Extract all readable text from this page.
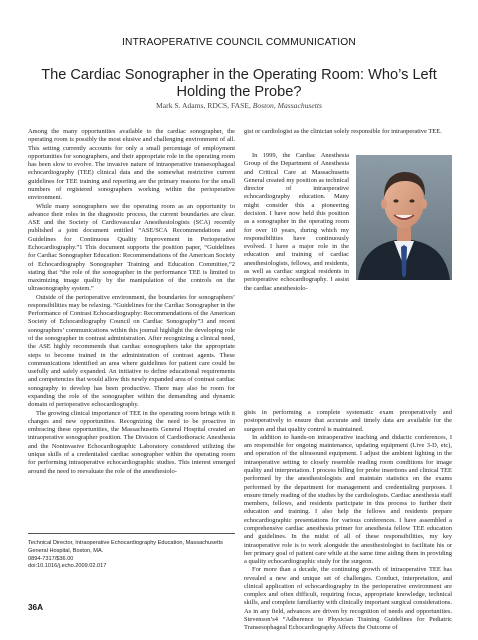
INTRAOPERATIVE COUNCIL COMMUNICATION
The Cardiac Sonographer in the Operating Room: Who’s Left Holding the Probe?
Mark S. Adams, RDCS, FASE, Boston, Massachusetts

Among the many opportunities available to the cardiac sonographer, the operating room is possibly the most elusive and challenging environment of all. This setting currently accounts for only a small percentage of employment opportunities for sonographers, and their appropriate role in the operating room has been slow to evolve. The invasive nature of intraoperative transesophageal echocardiography (TEE) clinical data and the somewhat restrictive current guidelines for TEE training and reporting are the primary reasons for the small numbers of registered sonographers working within the perioperative environment.

While many sonographers see the operating room as an opportunity to advance their roles in the diagnostic process, the current boundaries are clear. ASE and the Society of Cardiovascular Anesthesiologists (SCA) recently published a joint document entitled “ASE/SCA Recommendations and Guidelines for Continuous Quality Improvement in Perioperative Echocardiography.”1 This document supports the position paper, “Guidelines for Cardiac Sonographer Education: Recommendations of the American Society of Echocardiography Sonographer Training and Education Committee,”2 stating that “the role of the sonographer in the performance TEE is limited to maximizing image quality by the manipulation of the controls on the ultrasonography system.”

Outside of the perioperative environment, the boundaries for sonographers’ responsibilities may be relaxing. “Guidelines for the Cardiac Sonographer in the Performance of Contrast Echocardiography: Recommendations of the American Society of Echocardiography Council on Cardiac Sonography”3 and recent sonographers’ communications within this journal highlight the developing role of the sonographer in contrast administration. After recognizing a clinical need, the ASE highly recommends that cardiac sonographers take the appropriate steps to become trained in the administration of contrast agents. These communications identified an area where guidelines for patient care could be usefully and safely expanded. An initiative to define educational requirements and competencies that would allow this newly expanded area of contrast cardiac sonography to develop has been productive. There may also be room for expanding the role of the sonographer within the demanding and dynamic domain of perioperative echocardiography.

The growing clinical importance of TEE in the operating room brings with it changes and new opportunities. Recognizing the need to be proactive in embracing these opportunities, the Massachusetts General Hospital created an intraoperative sonographer position. The Division of Cardiothoracic Anesthesia and the Noninvasive Echocardiographic Laboratory considered utilizing the unique skills of a credentialed cardiac sonographer within the operating room for performing intraoperative echocardiographic studies. This interest emerged around the need to reevaluate the role of the anesthesiolo-

gist or cardiologist as the clinician solely responsible for intraoperative TEE.

In 1999, the Cardiac Anesthesia Group of the Department of Anesthesia and Critical Care at Massachusetts General created my position as technical director of intraoperative echocardiography education. Many might consider this a pioneering decision. I have now held this position as a sonographer in the operating room for over 10 years, during which my responsibilities have continuously evolved. I have a major role in the education and training of cardiac anesthesiologists, fellows, and residents, as well as cardiac surgical residents in perioperative echocardiography. I assist the cardiac anesthesiolo-

gists in performing a complete systematic exam preoperatively and postoperatively to ensure that accurate and timely data are available for the surgeon and that quality control is maintained.

In addition to hands-on intraoperative teaching and didactic conferences, I am responsible for ongoing maintenance, updating equipment (Live 3-D, etc), and operation of the ultrasound equipment. I adjust the ambient lighting in the intraoperative setting to closely resemble reading room conditions for image quality and interpretation. I process billing for probe insertions and clinical TEE performed by the anesthesiologists and maintain statistics on the exams performed by the department for management and credentialing purposes. I ensure timely reading of the studies by the cardiologists. Cardiac anesthesia staff members, fellows, and residents participate in this process to further their education and training. I also help the fellows and residents prepare echocardiographic presentations for various conferences. I have assembled a comprehensive cardiac anesthesia primer for anesthesia fellow TEE education and guidelines. In the midst of all of these responsibilities, my key intraoperative role is to work alongside the anesthesiologist to facilitate his or her primary goal of patient care while at the same time aiding them in providing a quality echocardiographic study for the surgeon.

For more than a decade, the continuing growth of intraoperative TEE has revealed a new and unique set of challenges. Conduct, interpretation, and clinical application of echocardiography in the perioperative environment are complex and often difficult, requiring focus, appropriate knowledge, technical skills, and complete familiarity with clinically important surgical considerations. As in any field, advances are driven by recognition of needs and opportunities. Stevenson’s4 “Adherence to Physician Training Guidelines for Pediatric Transesophageal Echocardiography Affects the Outcome of

Technical Director, Intraoperative Echocardiography Education, Massachusetts General Hospital, Boston, MA.
0894-7317/$36.00
doi:10.1016/j.echo.2009.02.017
36A
